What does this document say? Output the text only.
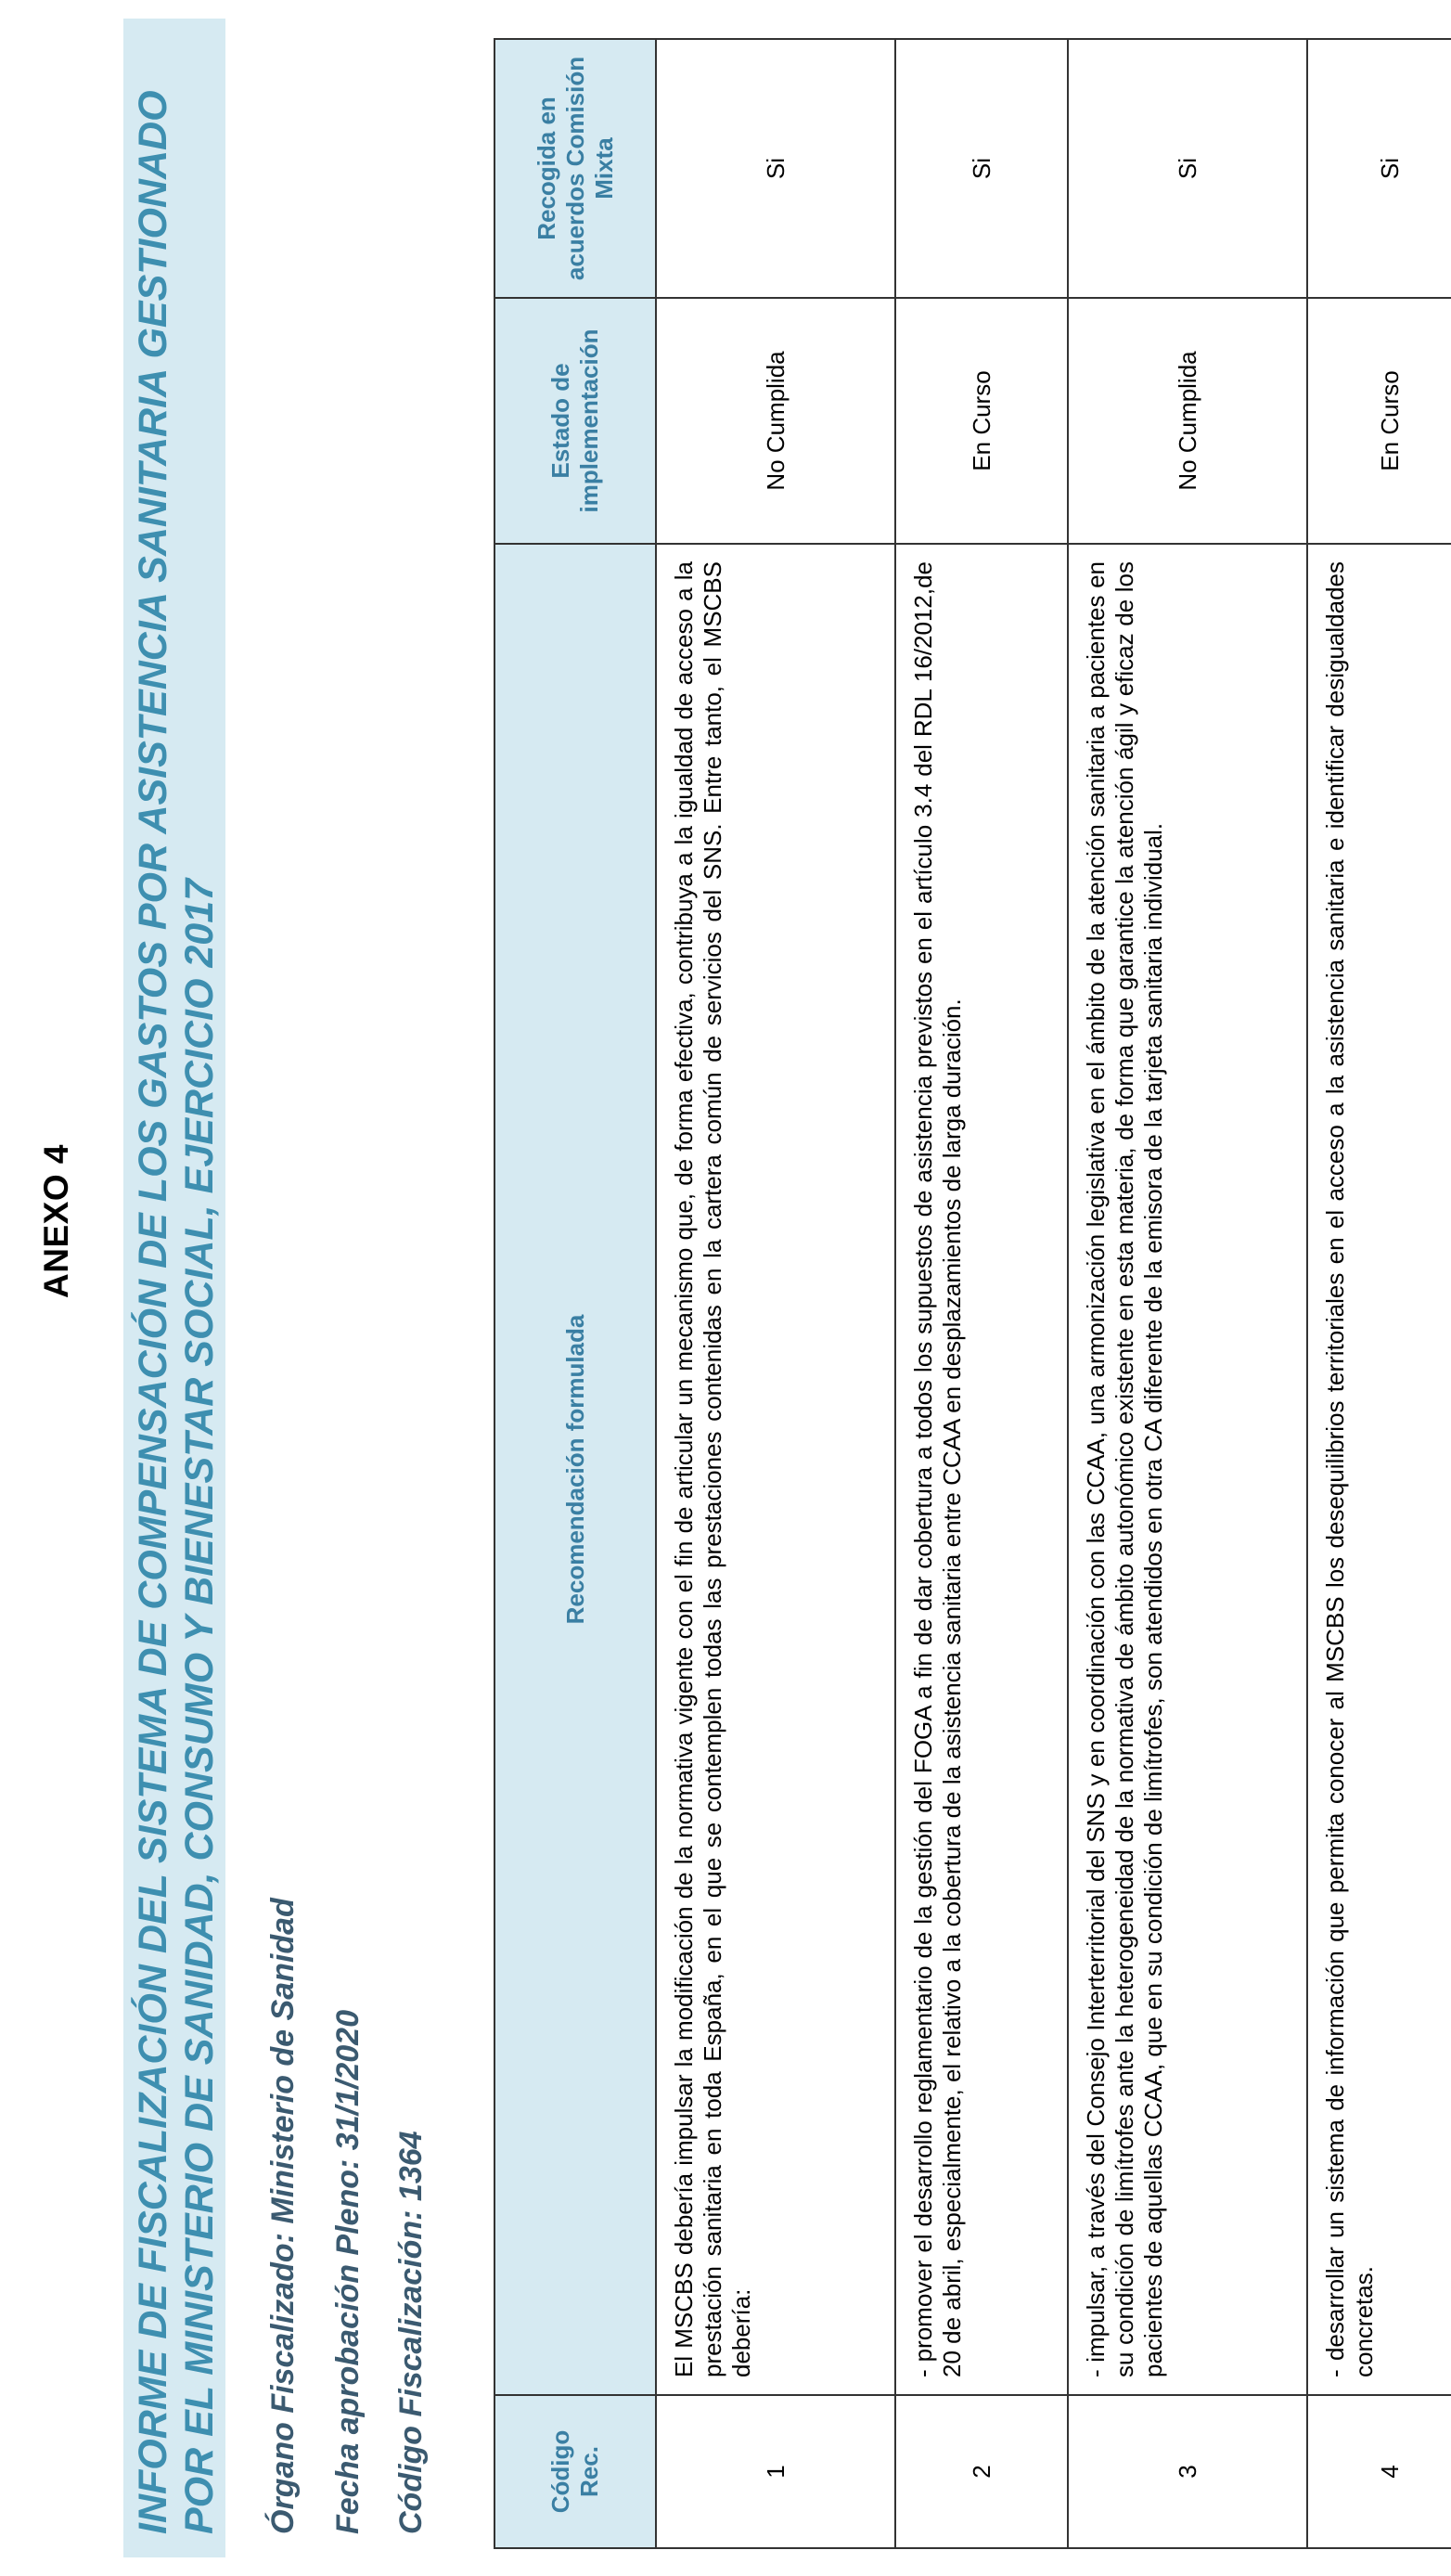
ANEXO 4 INFORME DE FISCALIZACIÓN DEL SISTEMA DE COMPENSACIÓN DE LOS GASTOS POR ASISTENCIA SANITARIA GESTIONADO POR EL MINISTERIO DE SANIDAD, CONSUMO Y BIENESTAR SOCIAL, EJERCICIO 2017 Órgano Fiscalizado: Ministerio de Sanidad Fecha aprobación Pleno: 31/1/2020 Código Fiscalización: 1364	Código Rec.	Recomendación formulada	Estado de implementación	Recogida en acuerdos Comisión Mixta
1	El MSCBS debería impulsar la modificación de la normativa vigente con el fin de articular un mecanismo que, de forma efectiva, contribuya a la igualdad de acceso a la prestación sanitaria en toda España, en el que se contemplen todas las prestaciones contenidas en la cartera común de servicios del SNS. Entre tanto, el MSCBS debería:	No Cumplida	Si
2	- promover el desarrollo reglamentario de la gestión del FOGA a fin de dar cobertura a todos los supuestos de asistencia previstos en el artículo 3.4 del RDL 16/2012,de 20 de abril, especialmente, el relativo a la cobertura de la asistencia sanitaria entre CCAA en desplazamientos de larga duración.	En Curso	Si
3	- impulsar, a través del Consejo Interterritorial del SNS y en coordinación con las CCAA, una armonización legislativa en el ámbito de la atención sanitaria a pacientes en su condición de limítrofes ante la heterogeneidad de la normativa de ámbito autonómico existente en esta materia, de forma que garantice la atención ágil y eficaz de los pacientes de aquellas CCAA, que en su condición de limítrofes, son atendidos en otra CA diferente de la emisora de la tarjeta sanitaria individual.	No Cumplida	Si
4	- desarrollar un sistema de información que permita conocer al MSCBS los desequilibrios territoriales en el acceso a la asistencia sanitaria e identificar desigualdades concretas.	En Curso	Si
